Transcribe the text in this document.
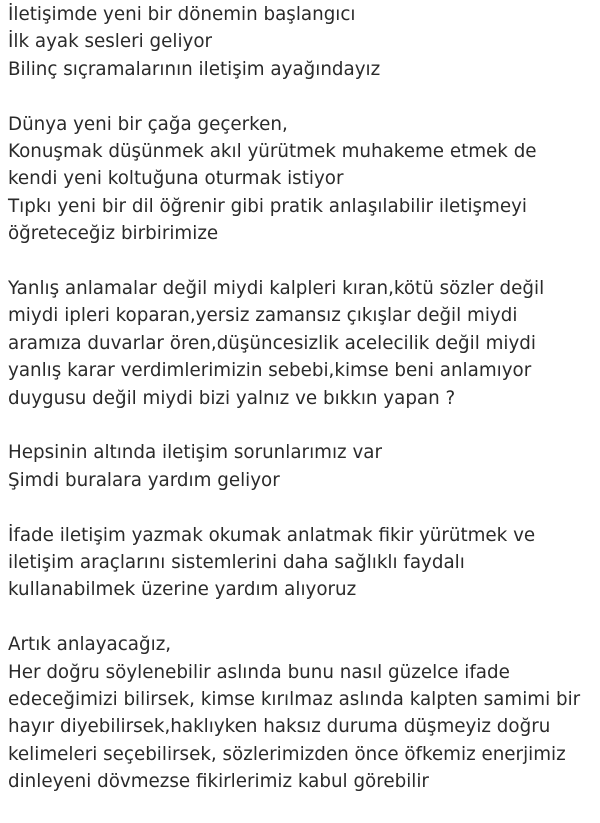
İletişimde yeni bir dönemin başlangıcı
İlk ayak sesleri geliyor
Bilinç sıçramalarının iletişim ayağındayız
Dünya yeni bir çağa geçerken,
Konuşmak düşünmek akıl yürütmek muhakeme etmek de
kendi yeni koltuğuna oturmak istiyor
Tıpkı yeni bir dil öğrenir gibi pratik anlaşılabilir iletişmeyi
öğreteceğiz birbirimize
Yanlış anlamalar değil miydi kalpleri kıran,kötü sözler değil
miydi ipleri koparan,yersiz zamansız çıkışlar değil miydi
aramıza duvarlar ören,düşüncesizlik acelecilik değil miydi
yanlış karar verdimlerimizin sebebi,kimse beni anlamıyor
duygusu değil miydi bizi yalnız ve bıkkın yapan ?
Hepsinin altında iletişim sorunlarımız var
Şimdi buralara yardım geliyor
İfade iletişim yazmak okumak anlatmak fikir yürütmek ve
iletişim araçlarını sistemlerini daha sağlıklı faydalı
kullanabilmek üzerine yardım alıyoruz
Artık anlayacağız,
Her doğru söylenebilir aslında bunu nasıl güzelce ifade
edeceğimizi bilirsek, kimse kırılmaz aslında kalpten samimi bir
hayır diyebilirsek,haklıyken haksız duruma düşmeyiz doğru
kelimeleri seçebilirsek, sözlerimizden önce öfkemiz enerjimiz
dinleyeni dövmezse fikirlerimiz kabul görebilir
